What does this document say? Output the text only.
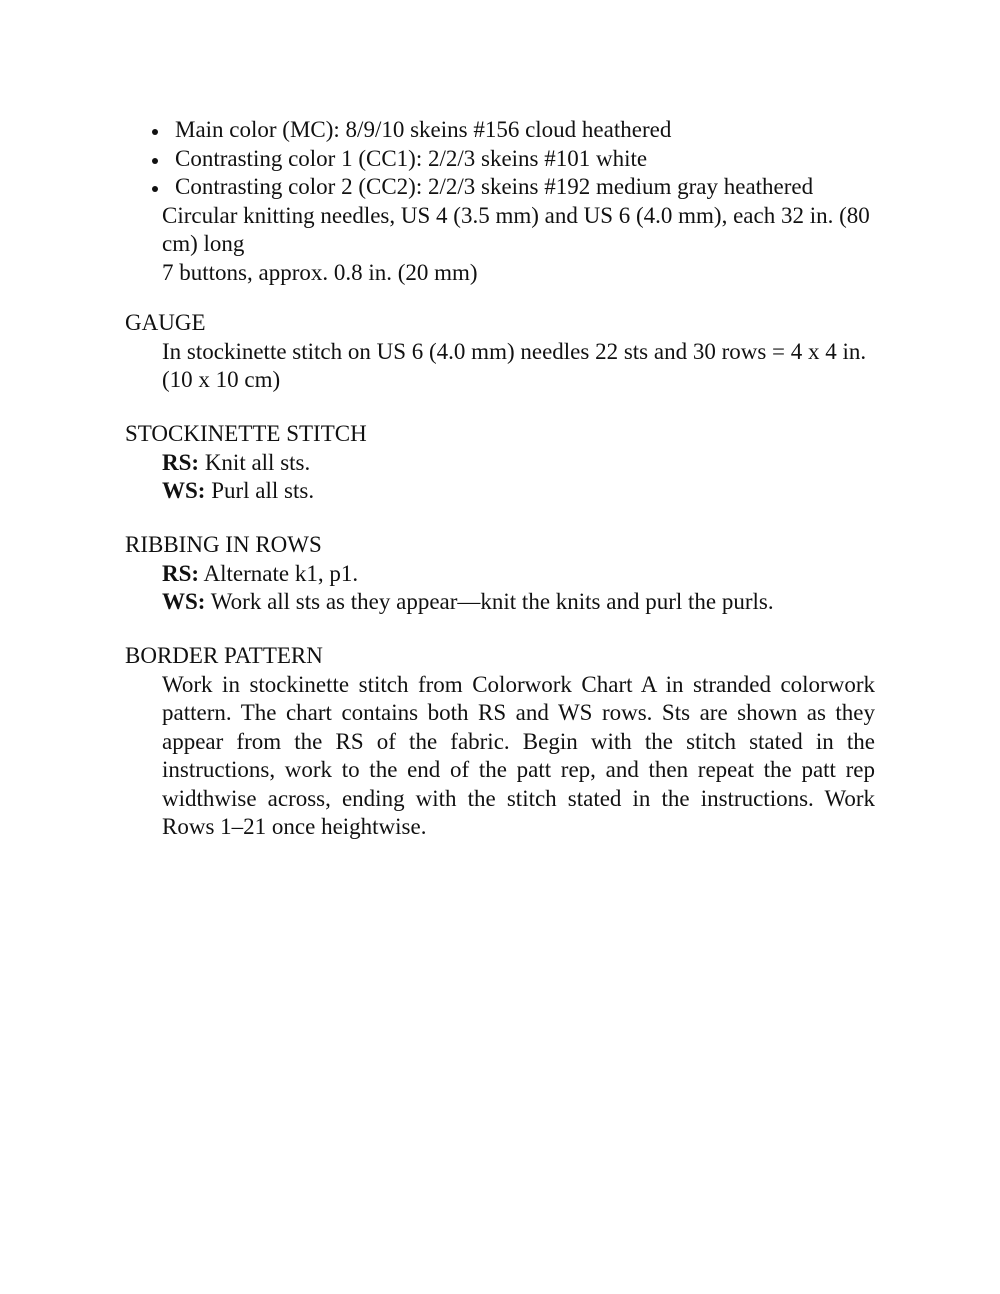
Main color (MC): 8/9/10 skeins #156 cloud heathered
Contrasting color 1 (CC1): 2/2/3 skeins #101 white
Contrasting color 2 (CC2): 2/2/3 skeins #192 medium gray heathered
Circular knitting needles, US 4 (3.5 mm) and US 6 (4.0 mm), each 32 in. (80 cm) long
7 buttons, approx. 0.8 in. (20 mm)
GAUGE
In stockinette stitch on US 6 (4.0 mm) needles 22 sts and 30 rows = 4 x 4 in. (10 x 10 cm)
STOCKINETTE STITCH
RS: Knit all sts.
WS: Purl all sts.
RIBBING IN ROWS
RS: Alternate k1, p1.
WS: Work all sts as they appear—knit the knits and purl the purls.
BORDER PATTERN
Work in stockinette stitch from Colorwork Chart A in stranded colorwork pattern. The chart contains both RS and WS rows. Sts are shown as they appear from the RS of the fabric. Begin with the stitch stated in the instructions, work to the end of the patt rep, and then repeat the patt rep widthwise across, ending with the stitch stated in the instructions. Work Rows 1–21 once heightwise.
